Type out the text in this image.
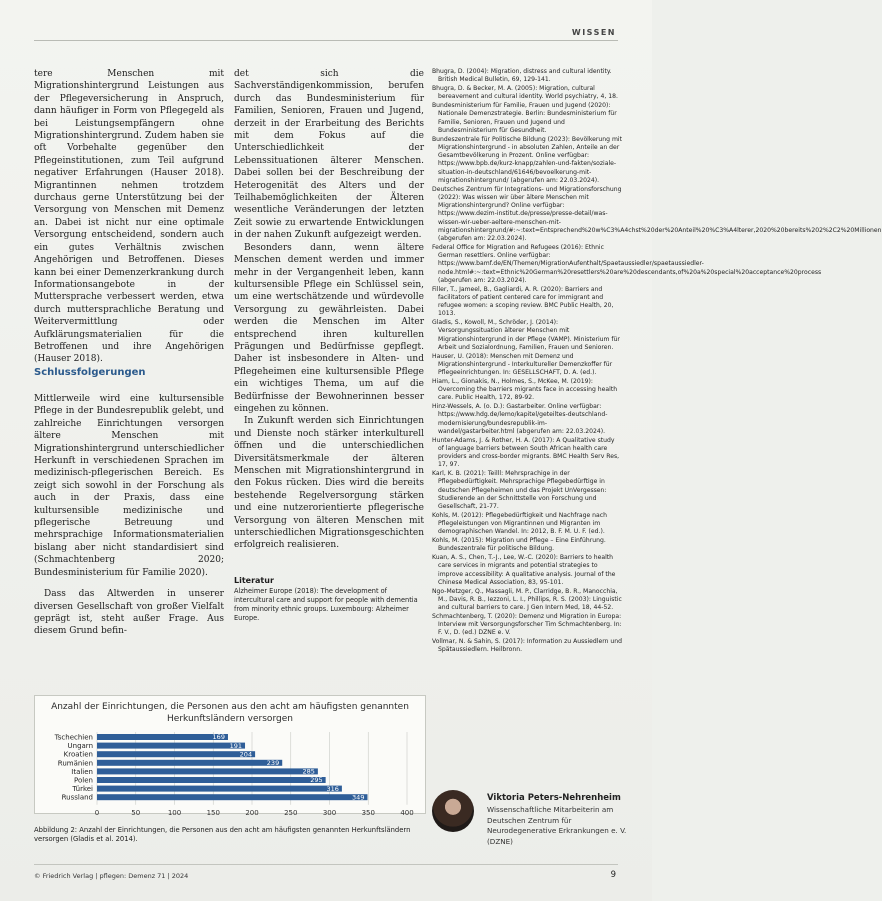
WISSEN

tere Menschen mit Migrationshintergrund Leistungen aus der Pflegeversicherung in Anspruch, dann häufiger in Form von Pflegegeld als bei Leistungsempfängern ohne Migrationshintergrund. Zudem haben sie oft Vorbehalte gegenüber den Pflegeinstitutionen, zum Teil aufgrund negativer Erfahrungen (Hauser 2018). Migrantinnen nehmen trotzdem durchaus gerne Unterstützung bei der Versorgung von Menschen mit Demenz an. Dabei ist nicht nur eine optimale Versorgung entscheidend, sondern auch ein gutes Verhältnis zwischen Angehörigen und Betroffenen. Dieses kann bei einer Demenzerkrankung durch Informationsangebote in der Muttersprache verbessert werden, etwa durch muttersprachliche Beratung und Weitervermittlung oder Aufklärungsmaterialien für die Betroffenen und ihre Angehörigen (Hauser 2018).

Schlussfolgerungen

Mittlerweile wird eine kultursensible Pflege in der Bundesrepublik gelebt, und zahlreiche Einrichtungen versorgen ältere Menschen mit Migrationshintergrund unterschiedlicher Herkunft in verschiedenen Sprachen im medizinisch-pflegerischen Bereich. Es zeigt sich sowohl in der Forschung als auch in der Praxis, dass eine kultursensible medizinische und pflegerische Betreuung und mehrsprachige Informationsmaterialien bislang aber nicht standardisiert sind (Schmachtenberg 2020; Bundesministerium für Familie 2020).

Dass das Altwerden in unserer diversen Gesellschaft von großer Vielfalt geprägt ist, steht außer Frage. Aus diesem Grund befin-

det sich die Sachverständigenkommission, berufen durch das Bundesministerium für Familien, Senioren, Frauen und Jugend, derzeit in der Erarbeitung des Berichts mit dem Fokus auf die Unterschiedlichkeit der Lebenssituationen älterer Menschen. Dabei sollen bei der Beschreibung der Heterogenität des Alters und der Teilhabemöglichkeiten der Älteren wesentliche Veränderungen der letzten Zeit sowie zu erwartende Entwicklungen in der nahen Zukunft aufgezeigt werden.

Besonders dann, wenn ältere Menschen dement werden und immer mehr in der Vergangenheit leben, kann kultursensible Pflege ein Schlüssel sein, um eine wertschätzende und würdevolle Versorgung zu gewährleisten. Dabei werden die Menschen im Alter entsprechend ihren kulturellen Prägungen und Bedürfnisse gepflegt. Daher ist insbesondere in Alten- und Pflegeheimen eine kultursensible Pflege ein wichtiges Thema, um auf die Bedürfnisse der Bewohnerinnen besser eingehen zu können.

In Zukunft werden sich Einrichtungen und Dienste noch stärker interkulturell öffnen und die unterschiedlichen Diversitätsmerkmale der älteren Menschen mit Migrationshintergrund in den Fokus rücken. Dies wird die bereits bestehende Regelversorgung stärken und eine nutzerorientierte pflegerische Versorgung von älteren Menschen mit unterschiedlichen Migrationsgeschichten erfolgreich realisieren.

Literatur
Alzheimer Europe (2018): The development of intercultural care and support for people with dementia from minority ethnic groups. Luxembourg: Alzheimer Europe.
Bhugra, D. (2004): Migration, distress and cultural identity. British Medical Bulletin, 69, 129-141.
Bhugra, D. & Becker, M. A. (2005): Migration, cultural bereavement and cultural identity. World psychiatry, 4, 18.
Bundesministerium für Familie, Frauen und Jugend (2020): Nationale Demenzstrategie. Berlin: Bundesministerium für Familie, Senioren, Frauen und Jugend und Bundesministerium für Gesundheit.
Bundeszentrale für Politische Bildung (2023): Bevölkerung mit Migrationshintergrund - in absoluten Zahlen, Anteile an der Gesamtbevölkerung in Prozent. Online verfügbar: https://www.bpb.de/kurz-knapp/zahlen-und-fakten/soziale-situation-in-deutschland/61646/bevoelkerung-mit-migrationshintergrund/ (abgerufen am: 22.03.2024).
Deutsches Zentrum für Integrations- und Migrationsforschung (2022): Was wissen wir über ältere Menschen mit Migrationshintergrund? Online verfügbar: https://www.dezim-institut.de/presse/presse-detail/was-wissen-wir-ueber-aeltere-menschen-mit-migrationshintergrund/#:~:text=Entsprechend%20w%C3%A4chst%20der%20Anteil%20%C3%A4lterer,2020%20bereits%202%2C2%20Millionen (abgerufen am: 22.03.2024).
Federal Office for Migration and Refugees (2016): Ethnic German resettlers. Online verfügbar: https://www.bamf.de/EN/Themen/MigrationAufenthalt/Spaetaussiedler/spaetaussiedler-node.html#:~:text=Ethnic%20German%20resettlers%20are%20descendants,of%20a%20special%20acceptance%20process (abgerufen am: 22.03.2024).
Filler, T., Jameel, B., Gagliardi, A. R. (2020): Barriers and facilitators of patient centered care for immigrant and refugee women: a scoping review. BMC Public Health, 20, 1013.
Gladis, S., Kowoll, M., Schröder, J. (2014): Versorgungssituation älterer Menschen mit Migrationshintergrund in der Pflege (VAMP). Ministerium für Arbeit und Sozialordnung, Familien, Frauen und Senioren.
Hauser, U. (2018): Menschen mit Demenz und Migrationshintergrund - Interkultureller Demenzkoffer für Pflegeeinrichtungen. In: GESELLSCHAFT, D. A. (ed.).
Hiam, L., Gionakis, N., Holmes, S., McKee, M. (2019): Overcoming the barriers migrants face in accessing health care. Public Health, 172, 89-92.
Hinz-Wessels, A. (o. D.): Gastarbeiter. Online verfügbar: https://www.hdg.de/lemo/kapitel/geteiltes-deutschland-modernisierung/bundesrepublik-im-wandel/gastarbeiter.html (abgerufen am: 22.03.2024).
Hunter-Adams, J. & Rother, H. A. (2017): A Qualitative study of language barriers between South African health care providers and cross-border migrants. BMC Health Serv Res, 17, 97.
Karl, K. B. (2021): Teilll: Mehrsprachige in der Pflegebedürftigkeit. Mehrsprachige Pflegebedürftige in deutschen Pflegeheimen und das Projekt UnVergessen: Studierende an der Schnittstelle von Forschung und Gesellschaft, 21-77.
Kohls, M. (2012): Pflegebedürftigkeit und Nachfrage nach Pflegeleistungen von Migrantinnen und Migranten im demographischen Wandel. In: 2012, B. F. M. U. F. (ed.).
Kohls, M. (2015): Migration und Pflege – Eine Einführung. Bundeszentrale für politische Bildung.
Kuan, A. S., Chen, T.-J., Lee, W.-C. (2020): Barriers to health care services in migrants and potential strategies to improve accessibility: A qualitative analysis. Journal of the Chinese Medical Association, 83, 95-101.
Ngo-Metzger, Q., Massagli, M. P., Clarridge, B. R., Manocchia, M., Davis, R. B., Iezzoni, L. I., Phillips, R. S. (2003): Linguistic and cultural barriers to care. J Gen Intern Med, 18, 44-52.
Schmachtenberg, T. (2020): Demenz und Migration in Europa: Interview mit Versorgungsforscher Tim Schmachtenberg. In: F. V., D. (ed.) DZNE e. V.
Vollmar, N. & Sahin, S. (2017): Information zu Aussiedlern und Spätaussiedlern. Heilbronn.
Anzahl der Einrichtungen, die Personen aus den acht am häufigsten genannten Herkunftsländern versorgen
0	50	100	150	200	250	300	350	400
Tschechien	169
Ungarn	191
Kroatien	204
Rumänien	239
Italien	285
Polen	295
Türkei	316
Russland	349
Abbildung 2: Anzahl der Einrichtungen, die Personen aus den acht am häufigsten genannten Herkunftsländern versorgen (Gladis et al. 2014).
Viktoria Peters-Nehrenheim
Wissenschaftliche Mitarbeiterin am Deutschen Zentrum für Neurodegenerative Erkrankungen e. V. (DZNE)
© Friedrich Verlag | pflegen: Demenz 71 | 2024	9
